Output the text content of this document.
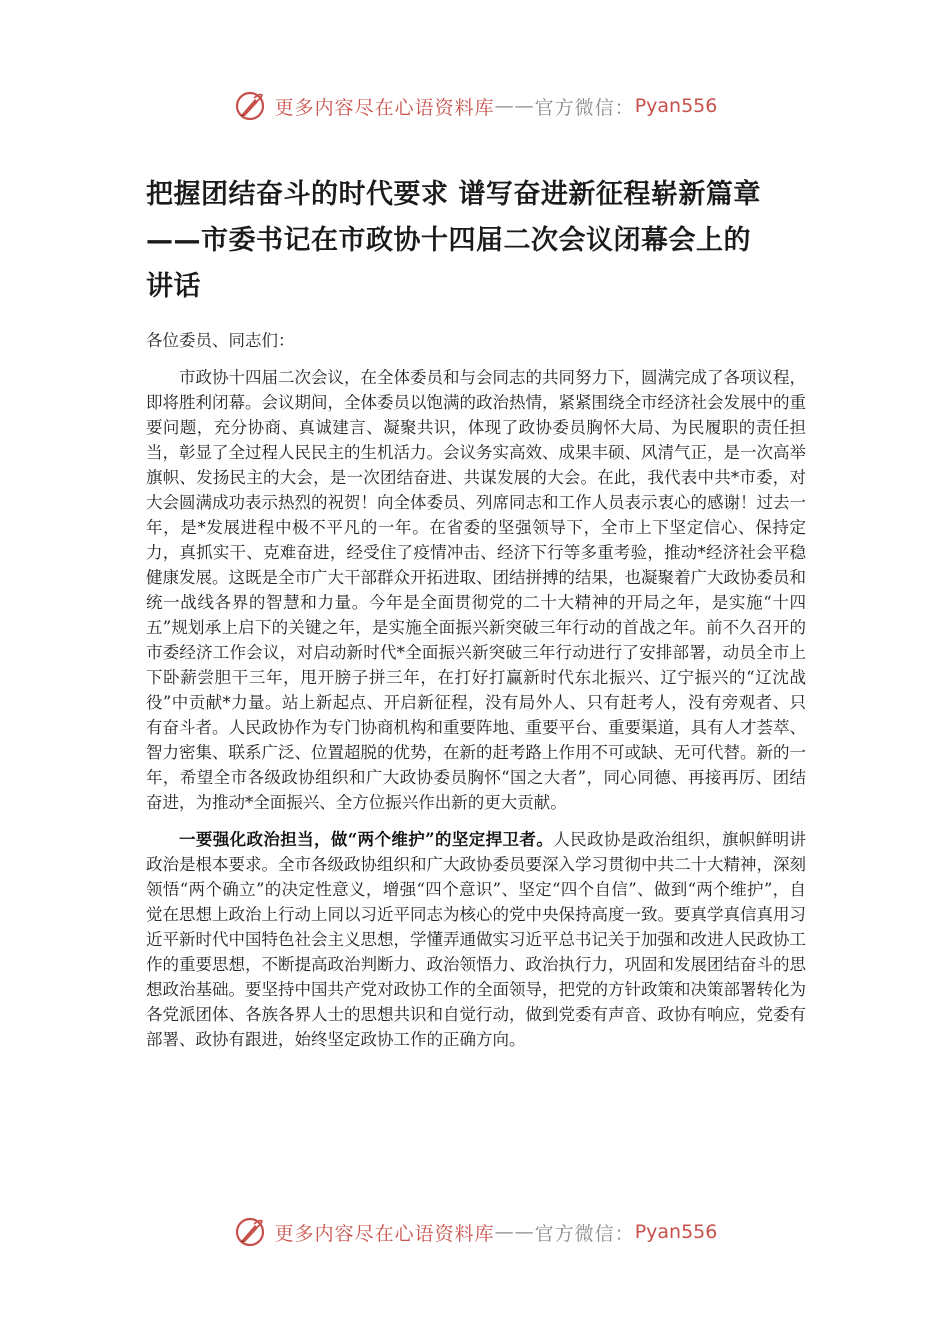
更多内容尽在心语资料库 —— 官方微信： Pyan556
把握团结奋斗的时代要求 谱写奋进新征程崭新篇章
——市委书记在市政协十四届二次会议闭幕会上的
讲话

各位委员、同志们：

市政协十四届二次会议，在全体委员和与会同志的共同努力下，圆满完成了各项议程，即将胜利闭幕。会议期间，全体委员以饱满的政治热情，紧紧围绕全市经济社会发展中的重要问题，充分协商、真诚建言、凝聚共识，体现了政协委员胸怀大局、为民履职的责任担当，彰显了全过程人民民主的生机活力。会议务实高效、成果丰硕、风清气正，是一次高举旗帜、发扬民主的大会，是一次团结奋进、共谋发展的大会。在此，我代表中共*市委，对大会圆满成功表示热烈的祝贺！向全体委员、列席同志和工作人员表示衷心的感谢！过去一年，是*发展进程中极不平凡的一年。在省委的坚强领导下，全市上下坚定信心、保持定力，真抓实干、克难奋进，经受住了疫情冲击、经济下行等多重考验，推动*经济社会平稳健康发展。这既是全市广大干部群众开拓进取、团结拼搏的结果，也凝聚着广大政协委员和统一战线各界的智慧和力量。今年是全面贯彻党的二十大精神的开局之年，是实施“十四五”规划承上启下的关键之年，是实施全面振兴新突破三年行动的首战之年。前不久召开的市委经济工作会议，对启动新时代*全面振兴新突破三年行动进行了安排部署，动员全市上下卧薪尝胆干三年，甩开膀子拼三年，在打好打赢新时代东北振兴、辽宁振兴的“辽沈战役”中贡献*力量。站上新起点、开启新征程，没有局外人、只有赶考人，没有旁观者、只有奋斗者。人民政协作为专门协商机构和重要阵地、重要平台、重要渠道，具有人才荟萃、智力密集、联系广泛、位置超脱的优势，在新的赶考路上作用不可或缺、无可代替。新的一年，希望全市各级政协组织和广大政协委员胸怀“国之大者”，同心同德、再接再厉、团结奋进，为推动*全面振兴、全方位振兴作出新的更大贡献。

一要强化政治担当，做“两个维护”的坚定捍卫者。人民政协是政治组织，旗帜鲜明讲政治是根本要求。全市各级政协组织和广大政协委员要深入学习贯彻中共二十大精神，深刻领悟“两个确立”的决定性意义，增强“四个意识”、坚定“四个自信”、做到“两个维护”，自觉在思想上政治上行动上同以习近平同志为核心的党中央保持高度一致。要真学真信真用习近平新时代中国特色社会主义思想，学懂弄通做实习近平总书记关于加强和改进人民政协工作的重要思想，不断提高政治判断力、政治领悟力、政治执行力，巩固和发展团结奋斗的思想政治基础。要坚持中国共产党对政协工作的全面领导，把党的方针政策和决策部署转化为各党派团体、各族各界人士的思想共识和自觉行动，做到党委有声音、政协有响应，党委有部署、政协有跟进，始终坚定政协工作的正确方向。

更多内容尽在心语资料库 —— 官方微信： Pyan556
